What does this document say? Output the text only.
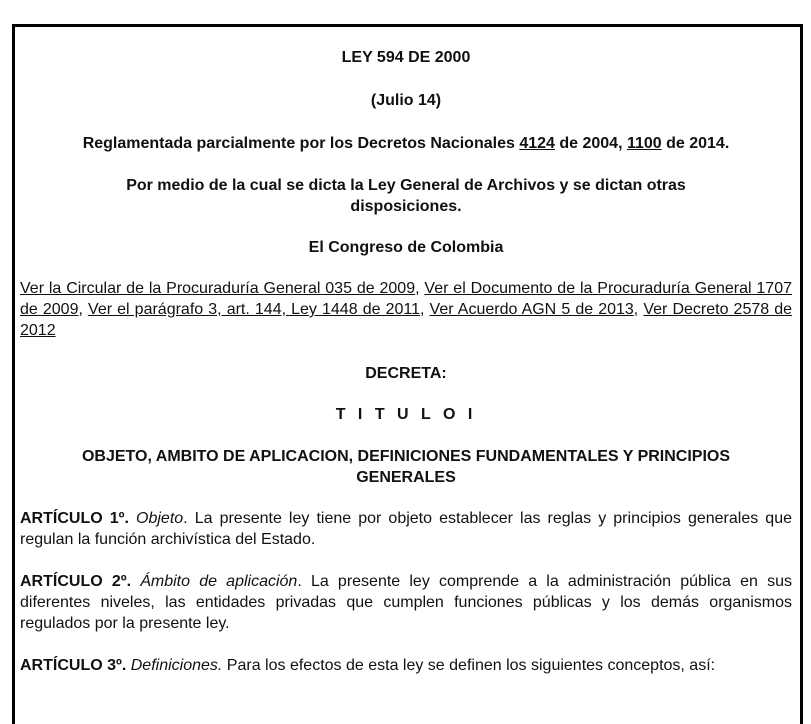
LEY 594 DE 2000

(Julio 14)

Reglamentada parcialmente por los Decretos Nacionales 4124 de 2004, 1100 de 2014.

Por medio de la cual se dicta la Ley General de Archivos y se dictan otras

disposiciones.

El Congreso de Colombia

Ver la Circular de la Procuraduría General 035 de 2009, Ver el Documento de la Procuraduría General 1707 de 2009, Ver el parágrafo 3, art. 144, Ley 1448 de 2011, Ver Acuerdo AGN 5 de 2013, Ver Decreto 2578 de 2012

DECRETA:

T I T U L O I

OBJETO, AMBITO DE APLICACION, DEFINICIONES FUNDAMENTALES Y PRINCIPIOS

GENERALES

ARTÍCULO 1º. Objeto. La presente ley tiene por objeto establecer las reglas y principios generales que regulan la función archivística del Estado.

ARTÍCULO 2º. Ámbito de aplicación. La presente ley comprende a la administración pública en sus diferentes niveles, las entidades privadas que cumplen funciones públicas y los demás organismos regulados por la presente ley.

ARTÍCULO 3º. Definiciones. Para los efectos de esta ley se definen los siguientes conceptos, así:
